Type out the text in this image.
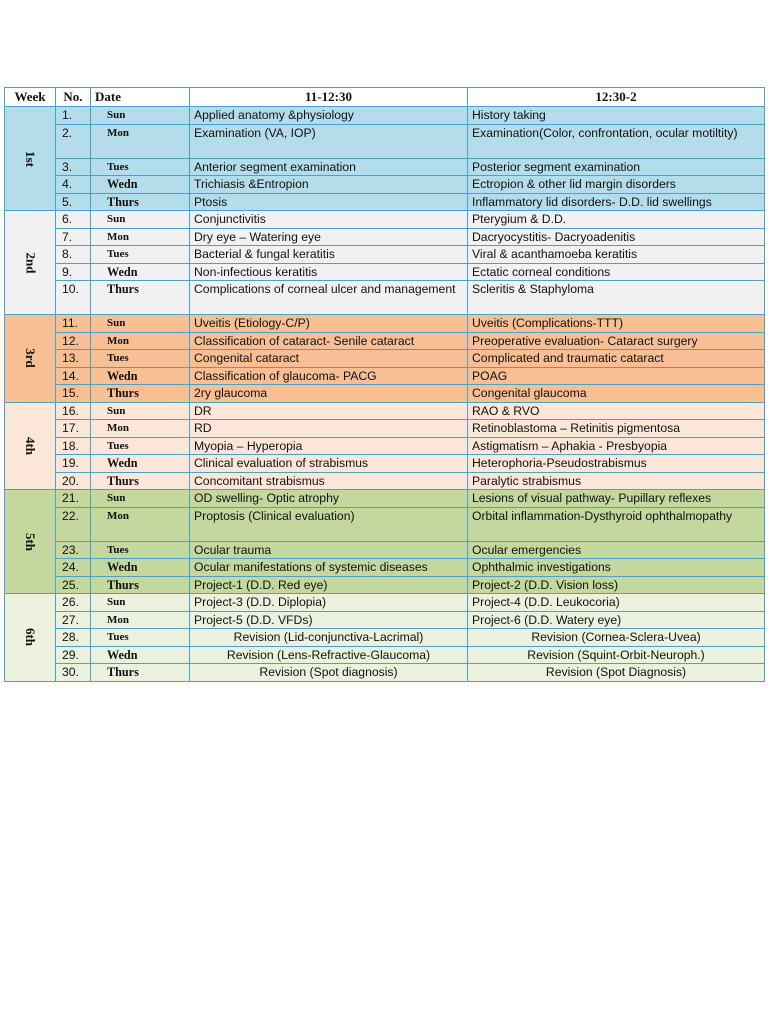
Week	No.	Date	11-12:30	12:30-2
1st	1.	Sun	Applied anatomy &physiology	History taking
	2.	Mon	Examination (VA, IOP)	Examination(Color, confrontation, ocular motiltity)
	3.	Tues	Anterior segment examination	Posterior segment examination
	4.	Wedn	Trichiasis &Entropion	Ectropion & other lid margin disorders
	5.	Thurs	Ptosis	Inflammatory lid disorders- D.D. lid swellings
2nd	6.	Sun	Conjunctivitis	Pterygium & D.D.
	7.	Mon	Dry eye – Watering eye	Dacryocystitis- Dacryoadenitis
	8.	Tues	Bacterial & fungal keratitis	Viral & acanthamoeba keratitis
	9.	Wedn	Non-infectious keratitis	Ectatic corneal conditions
	10.	Thurs	Complications of corneal ulcer and management	Scleritis & Staphyloma
3rd	11.	Sun	Uveitis (Etiology-C/P)	Uveitis (Complications-TTT)
	12.	Mon	Classification of cataract- Senile cataract	Preoperative evaluation- Cataract surgery
	13.	Tues	Congenital cataract	Complicated and traumatic cataract
	14.	Wedn	Classification of glaucoma- PACG	POAG
	15.	Thurs	2ry glaucoma	Congenital glaucoma
4th	16.	Sun	DR	RAO & RVO
	17.	Mon	RD	Retinoblastoma – Retinitis pigmentosa
	18.	Tues	Myopia – Hyperopia	Astigmatism – Aphakia - Presbyopia
	19.	Wedn	Clinical evaluation of strabismus	Heterophoria-Pseudostrabismus
	20.	Thurs	Concomitant strabismus	Paralytic strabismus
5th	21.	Sun	OD swelling- Optic atrophy	Lesions of visual pathway- Pupillary reflexes
	22.	Mon	Proptosis (Clinical evaluation)	Orbital inflammation-Dysthyroid ophthalmopathy
	23.	Tues	Ocular trauma	Ocular emergencies
	24.	Wedn	Ocular manifestations of systemic diseases	Ophthalmic investigations
	25.	Thurs	Project-1 (D.D. Red eye)	Project-2 (D.D. Vision loss)
6th	26.	Sun	Project-3 (D.D. Diplopia)	Project-4 (D.D. Leukocoria)
	27.	Mon	Project-5 (D.D. VFDs)	Project-6 (D.D. Watery eye)
	28.	Tues	Revision (Lid-conjunctiva-Lacrimal)	Revision (Cornea-Sclera-Uvea)
	29.	Wedn	Revision (Lens-Refractive-Glaucoma)	Revision (Squint-Orbit-Neuroph.)
	30.	Thurs	Revision (Spot diagnosis)	Revision (Spot Diagnosis)
